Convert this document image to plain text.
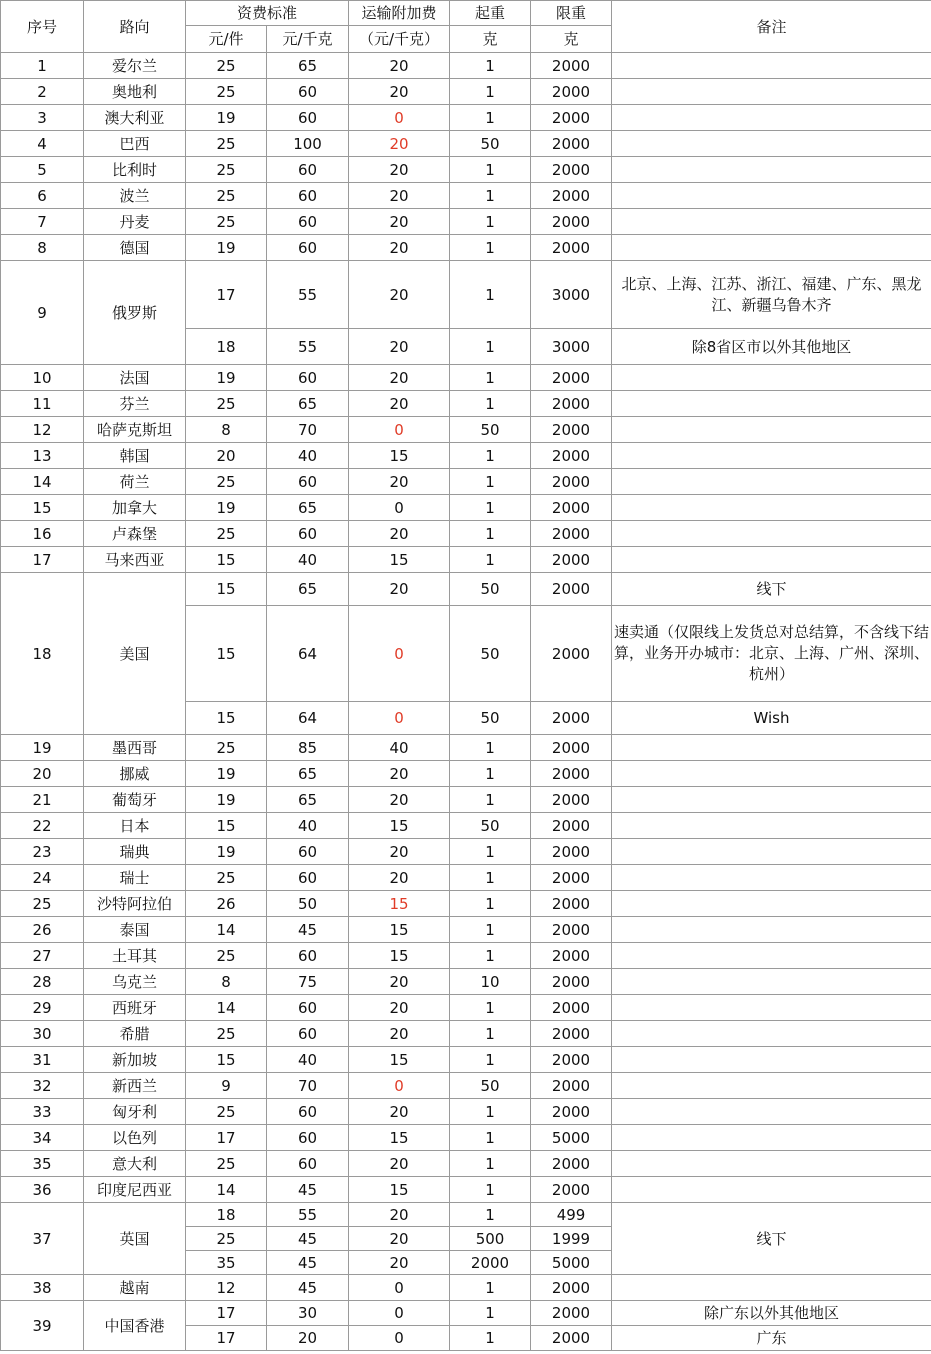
序号	路向	资费标准		运输附加费	起重	限重	备注
		元/件	元/千克	（元/千克）	克	克	
1	爱尔兰	25	65	20	1	2000	
2	奥地利	25	60	20	1	2000	
3	澳大利亚	19	60	0	1	2000	
4	巴西	25	100	20	50	2000	
5	比利时	25	60	20	1	2000	
6	波兰	25	60	20	1	2000	
7	丹麦	25	60	20	1	2000	
8	德国	19	60	20	1	2000	
9	俄罗斯	17	55	20	1	3000	北京、上海、江苏、浙江、福建、广东、黑龙江、新疆乌鲁木齐
		18	55	20	1	3000	除8省区市以外其他地区
10	法国	19	60	20	1	2000	
11	芬兰	25	65	20	1	2000	
12	哈萨克斯坦	8	70	0	50	2000	
13	韩国	20	40	15	1	2000	
14	荷兰	25	60	20	1	2000	
15	加拿大	19	65	0	1	2000	
16	卢森堡	25	60	20	1	2000	
17	马来西亚	15	40	15	1	2000	
18	美国	15	65	20	50	2000	线下
		15	64	0	50	2000	速卖通（仅限线上发货总对总结算，不含线下结算，业务开办城市：北京、上海、广州、深圳、杭州）
		15	64	0	50	2000	Wish
19	墨西哥	25	85	40	1	2000	
20	挪威	19	65	20	1	2000	
21	葡萄牙	19	65	20	1	2000	
22	日本	15	40	15	50	2000	
23	瑞典	19	60	20	1	2000	
24	瑞士	25	60	20	1	2000	
25	沙特阿拉伯	26	50	15	1	2000	
26	泰国	14	45	15	1	2000	
27	土耳其	25	60	15	1	2000	
28	乌克兰	8	75	20	10	2000	
29	西班牙	14	60	20	1	2000	
30	希腊	25	60	20	1	2000	
31	新加坡	15	40	15	1	2000	
32	新西兰	9	70	0	50	2000	
33	匈牙利	25	60	20	1	2000	
34	以色列	17	60	15	1	5000	
35	意大利	25	60	20	1	2000	
36	印度尼西亚	14	45	15	1	2000	
37	英国	18	55	20	1	499	线下
		25	45	20	500	1999	
		35	45	20	2000	5000	
38	越南	12	45	0	1	2000	
39	中国香港	17	30	0	1	2000	除广东以外其他地区
		17	20	0	1	2000	广东
